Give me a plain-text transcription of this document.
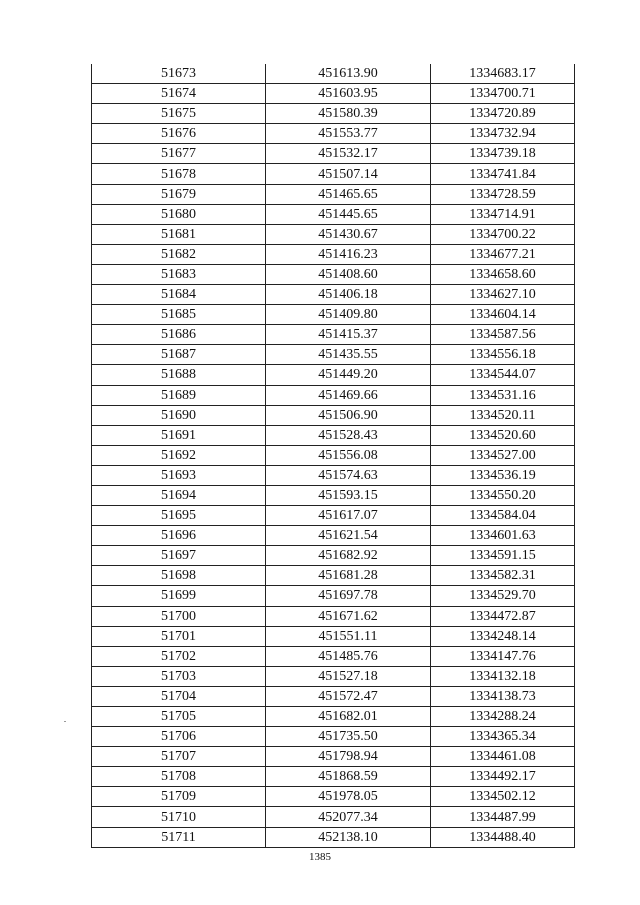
51673	451613.90	1334683.17
51674	451603.95	1334700.71
51675	451580.39	1334720.89
51676	451553.77	1334732.94
51677	451532.17	1334739.18
51678	451507.14	1334741.84
51679	451465.65	1334728.59
51680	451445.65	1334714.91
51681	451430.67	1334700.22
51682	451416.23	1334677.21
51683	451408.60	1334658.60
51684	451406.18	1334627.10
51685	451409.80	1334604.14
51686	451415.37	1334587.56
51687	451435.55	1334556.18
51688	451449.20	1334544.07
51689	451469.66	1334531.16
51690	451506.90	1334520.11
51691	451528.43	1334520.60
51692	451556.08	1334527.00
51693	451574.63	1334536.19
51694	451593.15	1334550.20
51695	451617.07	1334584.04
51696	451621.54	1334601.63
51697	451682.92	1334591.15
51698	451681.28	1334582.31
51699	451697.78	1334529.70
51700	451671.62	1334472.87
51701	451551.11	1334248.14
51702	451485.76	1334147.76
51703	451527.18	1334132.18
51704	451572.47	1334138.73
51705	451682.01	1334288.24
51706	451735.50	1334365.34
51707	451798.94	1334461.08
51708	451868.59	1334492.17
51709	451978.05	1334502.12
51710	452077.34	1334487.99
51711	452138.10	1334488.40
1385
